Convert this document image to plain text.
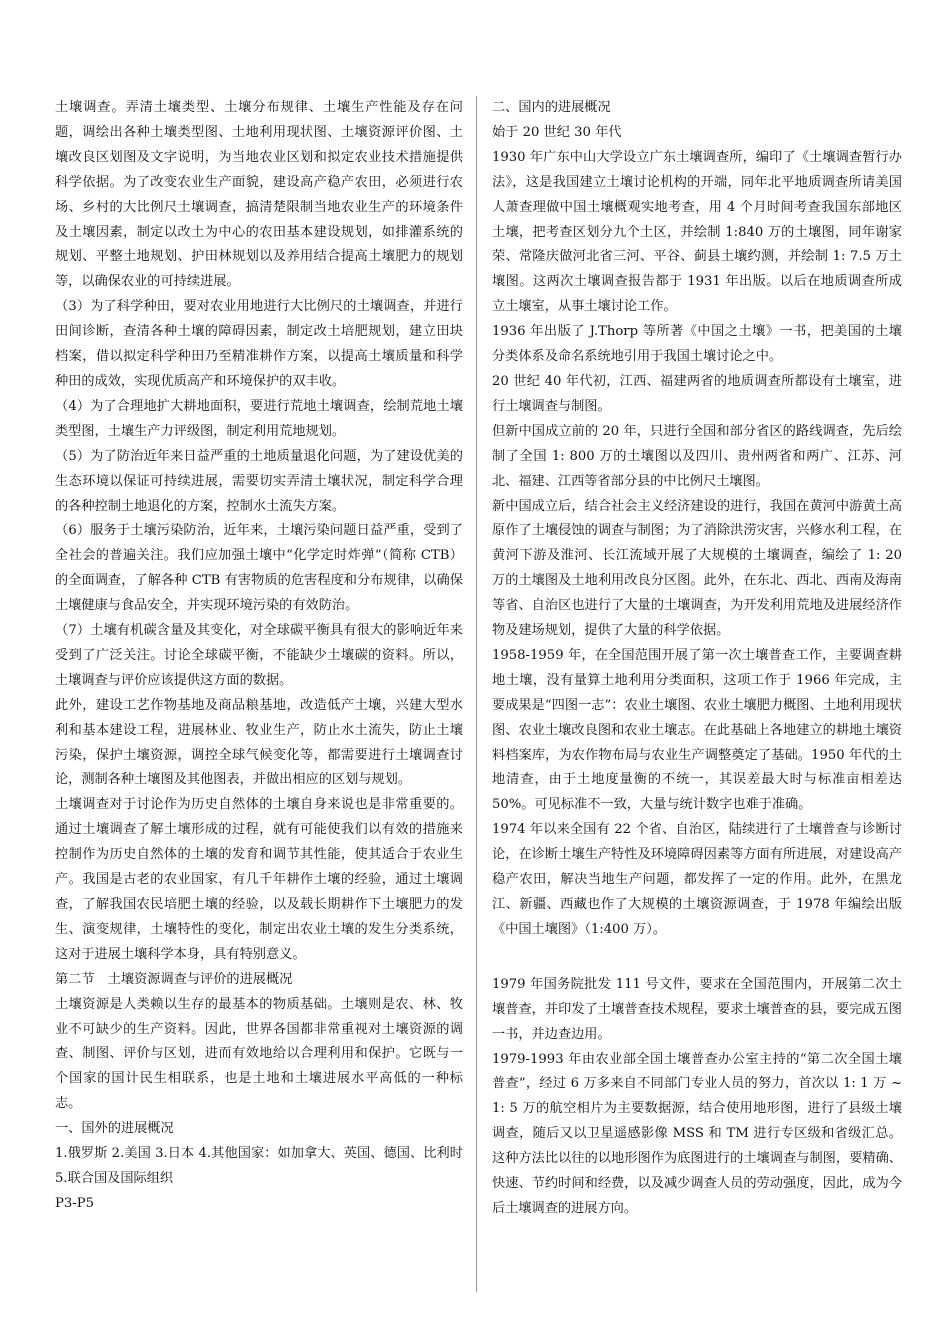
土壤调查。弄清土壤类型、土壤分布规律、土壤生产性能及存在问题，调绘出各种土壤类型图、土地利用现状图、土壤资源评价图、土壤改良区划图及文字说明，为当地农业区划和拟定农业技术措施提供科学依据。为了改变农业生产面貌，建设高产稳产农田，必须进行农场、乡村的大比例尺土壤调查，搞清楚限制当地农业生产的环境条件及土壤因素，制定以改土为中心的农田基本建设规划，如排灌系统的规划、平整土地规划、护田林规划以及养用结合提高土壤肥力的规划等，以确保农业的可持续进展。

（3）为了科学种田，要对农业用地进行大比例尺的土壤调查，并进行田间诊断，查清各种土壤的障碍因素，制定改土培肥规划，建立田块档案，借以拟定科学种田乃至精准耕作方案，以提高土壤质量和科学种田的成效，实现优质高产和环境保护的双丰收。

（4）为了合理地扩大耕地面积，要进行荒地土壤调查，绘制荒地土壤类型图，土壤生产力评级图，制定利用荒地规划。

（5）为了防治近年来日益严重的土地质量退化问题，为了建设优美的生态环境以保证可持续进展，需要切实弄清土壤状况，制定科学合理的各种控制土地退化的方案，控制水土流失方案。

（6）服务于土壤污染防治，近年来，土壤污染问题日益严重，受到了全社会的普遍关注。我们应加强土壤中“化学定时炸弹”（简称 CTB）的全面调查，了解各种 CTB 有害物质的危害程度和分布规律，以确保土壤健康与食品安全，并实现环境污染的有效防治。

（7）土壤有机碳含量及其变化，对全球碳平衡具有很大的影响近年来受到了广泛关注。讨论全球碳平衡，不能缺少土壤碳的资料。所以，土壤调查与评价应该提供这方面的数据。

此外，建设工艺作物基地及商品粮基地，改造低产土壤，兴建大型水利和基本建设工程，进展林业、牧业生产，防止水土流失，防止土壤污染，保护土壤资源，调控全球气候变化等，都需要进行土壤调查讨论，测制各种土壤图及其他图表，并做出相应的区划与规划。

土壤调查对于讨论作为历史自然体的土壤自身来说也是非常重要的。通过土壤调查了解土壤形成的过程，就有可能使我们以有效的措施来控制作为历史自然体的土壤的发育和调节其性能，使其适合于农业生产。我国是古老的农业国家，有几千年耕作土壤的经验，通过土壤调查，了解我国农民培肥土壤的经验，以及载长期耕作下土壤肥力的发生、演变规律，土壤特性的变化，制定出农业土壤的发生分类系统，这对于进展土壤科学本身，具有特别意义。

第二节　土壤资源调查与评价的进展概况

土壤资源是人类赖以生存的最基本的物质基础。土壤则是农、林、牧业不可缺少的生产资料。因此，世界各国都非常重视对土壤资源的调查、制图、评价与区划，进而有效地给以合理利用和保护。它既与一个国家的国计民生相联系，也是土地和土壤进展水平高低的一种标志。

一、国外的进展概况

1.俄罗斯 2.美国 3.日本 4.其他国家：如加拿大、英国、德国、比利时 5.联合国及国际组织

P3-P5

二、国内的进展概况

始于 20 世纪 30 年代

1930 年广东中山大学设立广东土壤调查所，编印了《土壤调查暂行办法》，这是我国建立土壤讨论机构的开端，同年北平地质调查所请美国人萧查理做中国土壤概观实地考查，用 4 个月时间考查我国东部地区土壤，把考查区划分九个土区，并绘制 1:840 万的土壤图，同年谢家荣、常隆庆做河北省三河、平谷、蓟县土壤约测，并绘制 1: 7.5 万土壤图。这两次土壤调查报告都于 1931 年出版。以后在地质调查所成立土壤室，从事土壤讨论工作。

1936 年出版了 J.Thorp 等所著《中国之土壤》一书，把美国的土壤分类体系及命名系统地引用于我国土壤讨论之中。

20 世纪 40 年代初，江西、福建两省的地质调查所都设有土壤室，进行土壤调查与制图。

但新中国成立前的 20 年，只进行全国和部分省区的路线调查，先后绘制了全国 1: 800 万的土壤图以及四川、贵州两省和两广、江苏、河北、福建、江西等省部分县的中比例尺土壤图。

新中国成立后，结合社会主义经济建设的进行，我国在黄河中游黄土高原作了土壤侵蚀的调查与制图；为了消除洪涝灾害，兴修水利工程，在黄河下游及淮河、长江流域开展了大规模的土壤调查，编绘了 1: 20 万的土壤图及土地利用改良分区图。此外，在东北、西北、西南及海南等省、自治区也进行了大量的土壤调查，为开发利用荒地及进展经济作物及建场规划，提供了大量的科学依据。

1958-1959 年，在全国范围开展了第一次土壤普查工作，主要调查耕地土壤，没有量算土地利用分类面积，这项工作于 1966 年完成，主要成果是“四图一志”：农业土壤图、农业土壤肥力概图、土地利用现状图、农业土壤改良图和农业土壤志。在此基础上各地建立的耕地土壤资料档案库，为农作物布局与农业生产调整奠定了基础。1950 年代的土地清查，由于土地度量衡的不统一，其误差最大时与标准亩相差达 50%。可见标准不一致，大量与统计数字也难于准确。

1974 年以来全国有 22 个省、自治区，陆续进行了土壤普查与诊断讨论，在诊断土壤生产特性及环境障碍因素等方面有所进展，对建设高产稳产农田，解决当地生产问题，都发挥了一定的作用。此外，在黑龙江、新疆、西藏也作了大规模的土壤资源调查，于 1978 年编绘出版《中国土壤图》（1:400 万）。

1979 年国务院批发 111 号文件，要求在全国范围内，开展第二次土壤普查，并印发了土壤普查技术规程，要求土壤普查的县，要完成五图一书，并边查边用。

1979-1993 年由农业部全国土壤普查办公室主持的“第二次全国土壤普查”，经过 6 万多来自不同部门专业人员的努力，首次以 1: 1 万 ~ 1: 5 万的航空相片为主要数据源，结合使用地形图，进行了县级土壤调查，随后又以卫星遥感影像 MSS 和 TM 进行专区级和省级汇总。这种方法比以往的以地形图作为底图进行的土壤调查与制图，要精确、快速、节约时间和经费，以及减少调查人员的劳动强度，因此，成为今后土壤调查的进展方向。
